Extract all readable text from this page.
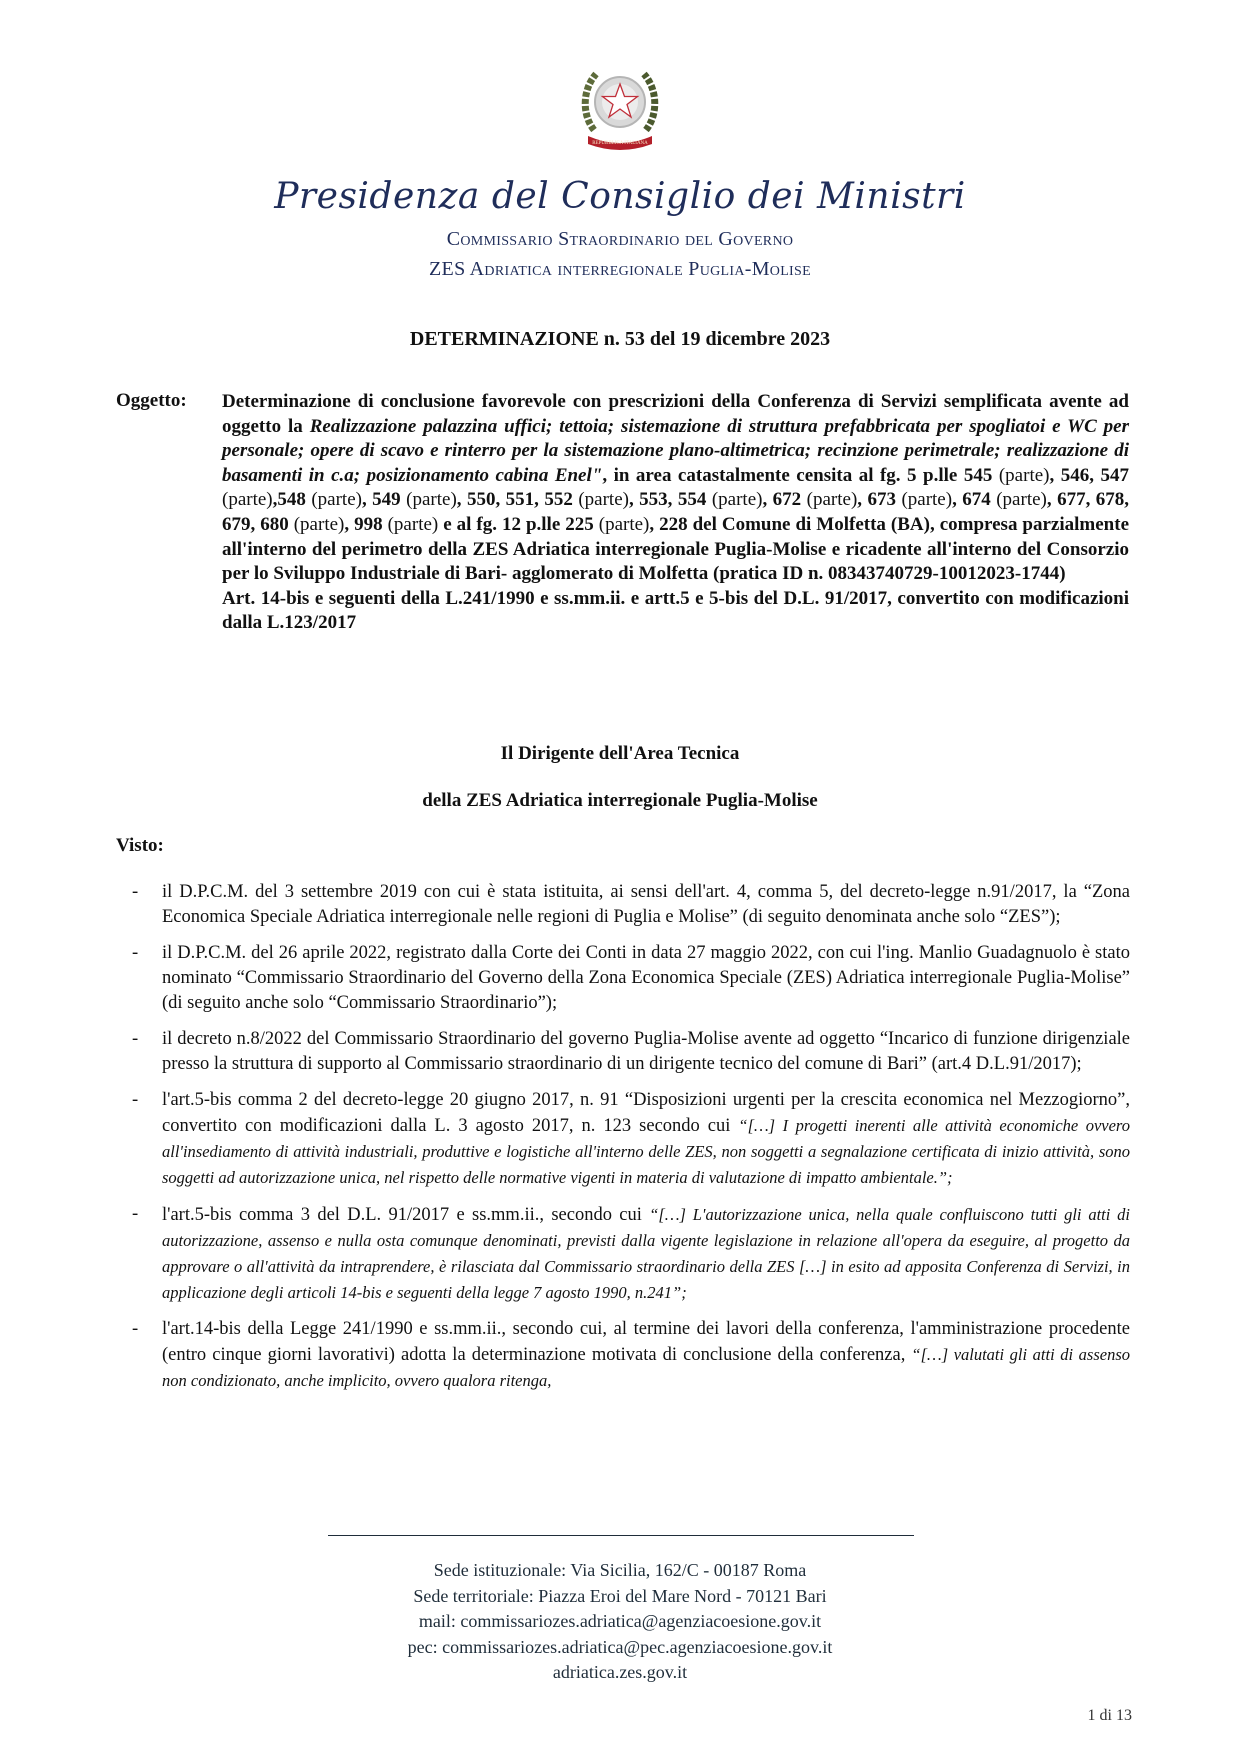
REPUBBLICA ITALIANA
Presidenza del Consiglio dei Ministri
Commissario Straordinario del Governo
ZES Adriatica interregionale Puglia-Molise
DETERMINAZIONE n. 53 del 19 dicembre 2023
Oggetto: Determinazione di conclusione favorevole con prescrizioni della Conferenza di Servizi semplificata avente ad oggetto la Realizzazione palazzina uffici; tettoia; sistemazione di struttura prefabbricata per spogliatoi e WC per personale; opere di scavo e rinterro per la sistemazione plano-altimetrica; recinzione perimetrale; realizzazione di basamenti in c.a; posizionamento cabina Enel", in area catastalmente censita al fg. 5 p.lle 545 (parte), 546, 547 (parte),548 (parte), 549 (parte), 550, 551, 552 (parte), 553, 554 (parte), 672 (parte), 673 (parte), 674 (parte), 677, 678, 679, 680 (parte), 998 (parte) e al fg. 12 p.lle 225 (parte), 228 del Comune di Molfetta (BA), compresa parzialmente all'interno del perimetro della ZES Adriatica interregionale Puglia-Molise e ricadente all'interno del Consorzio per lo Sviluppo Industriale di Bari- agglomerato di Molfetta (pratica ID n. 08343740729-10012023-1744)
Art. 14-bis e seguenti della L.241/1990 e ss.mm.ii. e artt.5 e 5-bis del D.L. 91/2017, convertito con modificazioni dalla L.123/2017
Il Dirigente dell'Area Tecnica
della ZES Adriatica interregionale Puglia-Molise
Visto:
- il D.P.C.M. del 3 settembre 2019 con cui è stata istituita, ai sensi dell'art. 4, comma 5, del decreto-legge n.91/2017, la “Zona Economica Speciale Adriatica interregionale nelle regioni di Puglia e Molise” (di seguito denominata anche solo “ZES”);
- il D.P.C.M. del 26 aprile 2022, registrato dalla Corte dei Conti in data 27 maggio 2022, con cui l'ing. Manlio Guadagnuolo è stato nominato “Commissario Straordinario del Governo della Zona Economica Speciale (ZES) Adriatica interregionale Puglia-Molise” (di seguito anche solo “Commissario Straordinario”);
- il decreto n.8/2022 del Commissario Straordinario del governo Puglia-Molise avente ad oggetto “Incarico di funzione dirigenziale presso la struttura di supporto al Commissario straordinario di un dirigente tecnico del comune di Bari” (art.4 D.L.91/2017);
- l'art.5-bis comma 2 del decreto-legge 20 giugno 2017, n. 91 “Disposizioni urgenti per la crescita economica nel Mezzogiorno”, convertito con modificazioni dalla L. 3 agosto 2017, n. 123 secondo cui “[…] I progetti inerenti alle attività economiche ovvero all'insediamento di attività industriali, produttive e logistiche all'interno delle ZES, non soggetti a segnalazione certificata di inizio attività, sono soggetti ad autorizzazione unica, nel rispetto delle normative vigenti in materia di valutazione di impatto ambientale.”;
- l'art.5-bis comma 3 del D.L. 91/2017 e ss.mm.ii., secondo cui “[…] L'autorizzazione unica, nella quale confluiscono tutti gli atti di autorizzazione, assenso e nulla osta comunque denominati, previsti dalla vigente legislazione in relazione all'opera da eseguire, al progetto da approvare o all'attività da intraprendere, è rilasciata dal Commissario straordinario della ZES […] in esito ad apposita Conferenza di Servizi, in applicazione degli articoli 14-bis e seguenti della legge 7 agosto 1990, n.241”;
- l'art.14-bis della Legge 241/1990 e ss.mm.ii., secondo cui, al termine dei lavori della conferenza, l'amministrazione procedente (entro cinque giorni lavorativi) adotta la determinazione motivata di conclusione della conferenza, “[…] valutati gli atti di assenso non condizionato, anche implicito, ovvero qualora ritenga,
Sede istituzionale: Via Sicilia, 162/C - 00187 Roma
Sede territoriale: Piazza Eroi del Mare Nord - 70121 Bari
mail: commissariozes.adriatica@agenziacoesione.gov.it
pec: commissariozes.adriatica@pec.agenziacoesione.gov.it
adriatica.zes.gov.it
1 di 13
